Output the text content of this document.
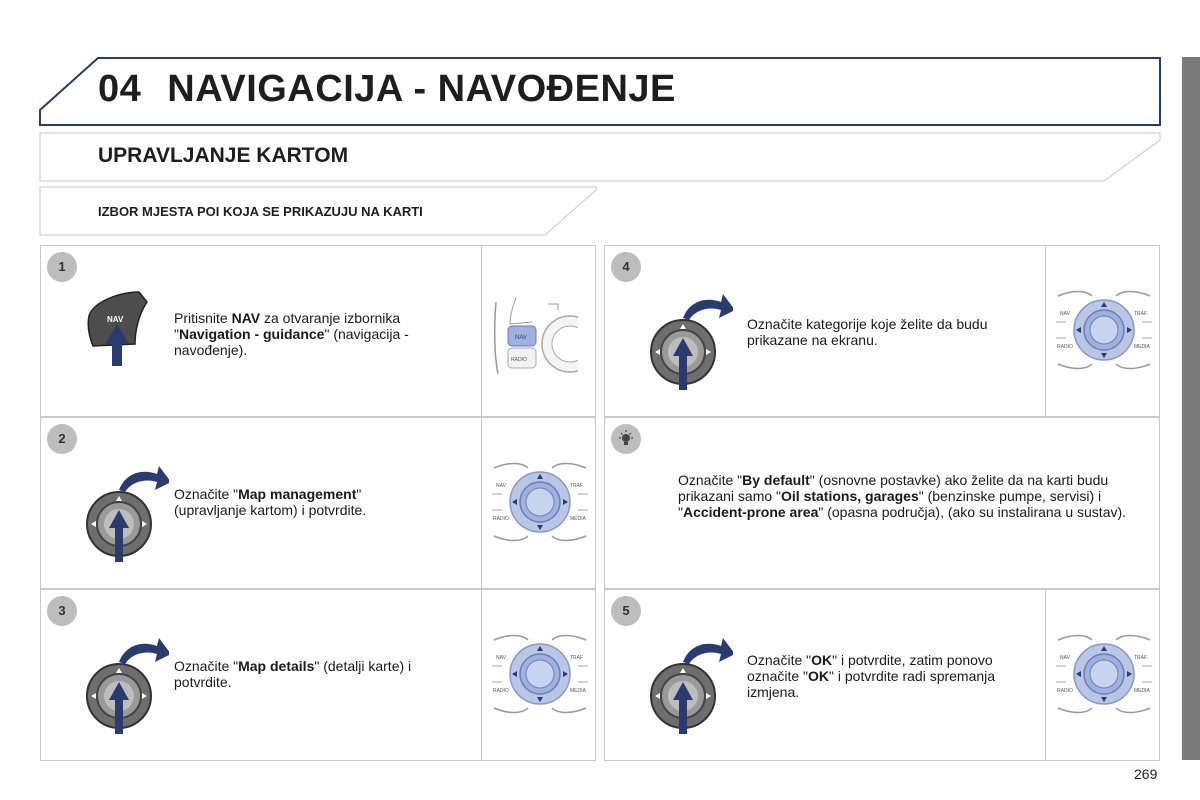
04 NAVIGACIJA - NAVOĐENJE
UPRAVLJANJE KARTOM
IZBOR MJESTA POI KOJA SE PRIKAZUJU NA KARTI
1
NAV	Pritisnite NAV za otvaranje izbornika "Navigation - guidance" (navigacija - navođenje).
NAV
RADIO
2
Označite "Map management" (upravljanje kartom) i potvrdite.
NAV	TRAF
RADIO	MEDIA
3
Označite "Map details" (detalji karte) i potvrdite.
NAV	TRAF
RADIO	MEDIA
4
Označite kategorije koje želite da budu prikazane na ekranu.
NAV	TRAF
RADIO	MEDIA
Označite "By default" (osnovne postavke) ako želite da na karti budu prikazani samo "Oil stations, garages" (benzinske pumpe, servisi) i "Accident-prone area" (opasna područja), (ako su instalirana u sustav).
5
Označite "OK" i potvrdite, zatim ponovo označite "OK" i potvrdite radi spremanja izmjena.
NAV	TRAF
RADIO	MEDIA
269
